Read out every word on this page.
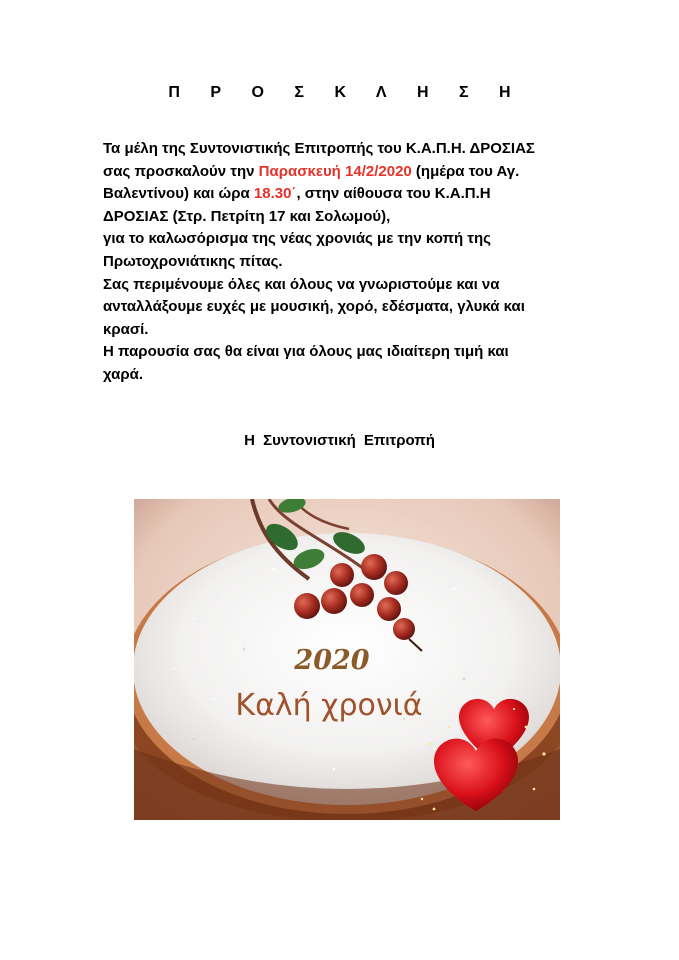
Π Ρ Ο Σ Κ Λ Η Σ Η

Τα μέλη της Συντονιστικής Επιτροπής του Κ.Α.Π.Η. ΔΡΟΣΙΑΣ

σας προσκαλούν την Παρασκευή 14/2/2020 (ημέρα του Αγ.

Βαλεντίνου) και ώρα 18.30΄, στην αίθουσα του Κ.Α.Π.Η

ΔΡΟΣΙΑΣ (Στρ. Πετρίτη 17 και Σολωμού),

για το καλωσόρισμα της νέας χρονιάς με την κοπή της

Πρωτοχρονιάτικης πίτας.

Σας περιμένουμε όλες και όλους να γνωριστούμε και να

ανταλλάξουμε ευχές με μουσική, χορό, εδέσματα, γλυκά και

κρασί.

Η παρουσία σας θα είναι για όλους μας ιδιαίτερη τιμή και

χαρά.

Η Συντονιστική Επιτροπή
2020
Καλή χρονιά
